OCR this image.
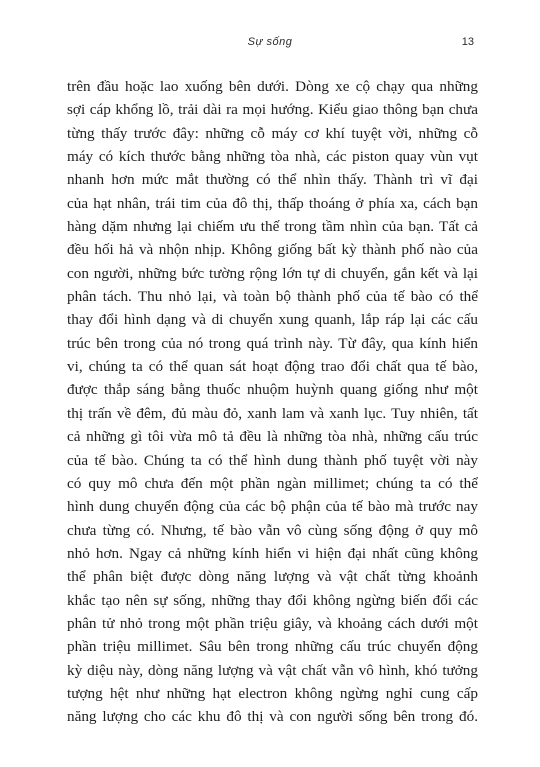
Sự sống	13
trên đầu hoặc lao xuống bên dưới. Dòng xe cộ chạy qua những
sợi cáp khổng lồ, trải dài ra mọi hướng. Kiểu giao thông bạn chưa
từng thấy trước đây: những cỗ máy cơ khí tuyệt vời, những cỗ
máy có kích thước bằng những tòa nhà, các piston quay vùn vụt
nhanh hơn mức mắt thường có thể nhìn thấy. Thành trì vĩ đại
của hạt nhân, trái tim của đô thị, thấp thoáng ở phía xa, cách bạn
hàng dặm nhưng lại chiếm ưu thế trong tầm nhìn của bạn. Tất cả
đều hối hả và nhộn nhịp. Không giống bất kỳ thành phố nào của
con người, những bức tường rộng lớn tự di chuyển, gắn kết và lại
phân tách. Thu nhỏ lại, và toàn bộ thành phố của tế bào có thể
thay đổi hình dạng và di chuyển xung quanh, lắp ráp lại các cấu
trúc bên trong của nó trong quá trình này. Từ đây, qua kính hiển
vi, chúng ta có thể quan sát hoạt động trao đổi chất qua tế bào,
được thắp sáng bằng thuốc nhuộm huỳnh quang giống như một
thị trấn về đêm, đủ màu đỏ, xanh lam và xanh lục. Tuy nhiên, tất
cả những gì tôi vừa mô tả đều là những tòa nhà, những cấu trúc
của tế bào. Chúng ta có thể hình dung thành phố tuyệt vời này
có quy mô chưa đến một phần ngàn millimet; chúng ta có thể
hình dung chuyển động của các bộ phận của tế bào mà trước nay
chưa từng có. Nhưng, tế bào vẫn vô cùng sống động ở quy mô
nhỏ hơn. Ngay cả những kính hiển vi hiện đại nhất cũng không
thể phân biệt được dòng năng lượng và vật chất từng khoảnh
khắc tạo nên sự sống, những thay đổi không ngừng biến đổi các
phân tử nhỏ trong một phần triệu giây, và khoảng cách dưới một
phần triệu millimet. Sâu bên trong những cấu trúc chuyển động
kỳ diệu này, dòng năng lượng và vật chất vẫn vô hình, khó tưởng
tượng hệt như những hạt electron không ngừng nghỉ cung cấp
năng lượng cho các khu đô thị và con người sống bên trong đó.
